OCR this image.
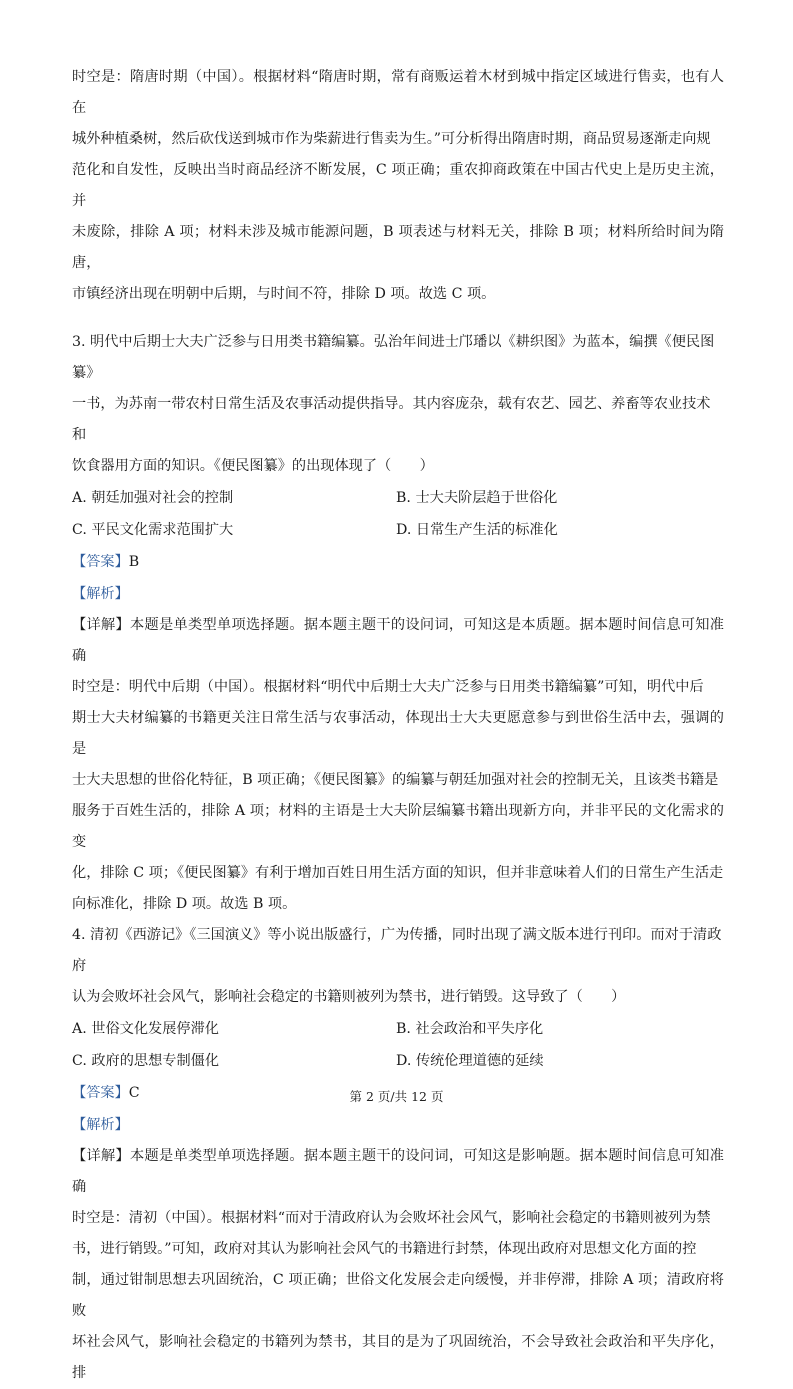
时空是：隋唐时期（中国）。根据材料“隋唐时期，常有商贩运着木材到城中指定区域进行售卖，也有人在

城外种植桑树，然后砍伐送到城市作为柴薪进行售卖为生。”可分析得出隋唐时期，商品贸易逐渐走向规

范化和自发性，反映出当时商品经济不断发展，C 项正确；重农抑商政策在中国古代史上是历史主流，并

未废除，排除 A 项；材料未涉及城市能源问题，B 项表述与材料无关，排除 B 项；材料所给时间为隋唐，

市镇经济出现在明朝中后期，与时间不符，排除 D 项。故选 C 项。

3. 明代中后期士大夫广泛参与日用类书籍编纂。弘治年间进士邝璠以《耕织图》为蓝本，编撰《便民图纂》

一书，为苏南一带农村日常生活及农事活动提供指导。其内容庞杂，载有农艺、园艺、养畜等农业技术和

饮食器用方面的知识。《便民图纂》的出现体现了（　　）

A. 朝廷加强对社会的控制	B. 士大夫阶层趋于世俗化
C. 平民文化需求范围扩大	D. 日常生产生活的标准化
【答案】B
【解析】

【详解】本题是单类型单项选择题。据本题主题干的设问词，可知这是本质题。据本题时间信息可知准确

时空是：明代中后期（中国）。根据材料“明代中后期士大夫广泛参与日用类书籍编纂”可知，明代中后

期士大夫材编纂的书籍更关注日常生活与农事活动，体现出士大夫更愿意参与到世俗生活中去，强调的是

士大夫思想的世俗化特征，B 项正确；《便民图纂》的编纂与朝廷加强对社会的控制无关，且该类书籍是

服务于百姓生活的，排除 A 项；材料的主语是士大夫阶层编纂书籍出现新方向，并非平民的文化需求的变

化，排除 C 项；《便民图纂》有利于增加百姓日用生活方面的知识，但并非意味着人们的日常生产生活走

向标准化，排除 D 项。故选 B 项。

4. 清初《西游记》《三国演义》等小说出版盛行，广为传播，同时出现了满文版本进行刊印。而对于清政府

认为会败坏社会风气，影响社会稳定的书籍则被列为禁书，进行销毁。这导致了（　　）

A. 世俗文化发展停滞化	B. 社会政治和平失序化
C. 政府的思想专制僵化	D. 传统伦理道德的延续
【答案】C
【解析】

【详解】本题是单类型单项选择题。据本题主题干的设问词，可知这是影响题。据本题时间信息可知准确

时空是：清初（中国）。根据材料“而对于清政府认为会败坏社会风气，影响社会稳定的书籍则被列为禁

书，进行销毁。”可知，政府对其认为影响社会风气的书籍进行封禁，体现出政府对思想文化方面的控

制，通过钳制思想去巩固统治，C 项正确；世俗文化发展会走向缓慢，并非停滞，排除 A 项；清政府将败

坏社会风气，影响社会稳定的书籍列为禁书，其目的是为了巩固统治，不会导致社会政治和平失序化，排

第 2 页/共 12 页
